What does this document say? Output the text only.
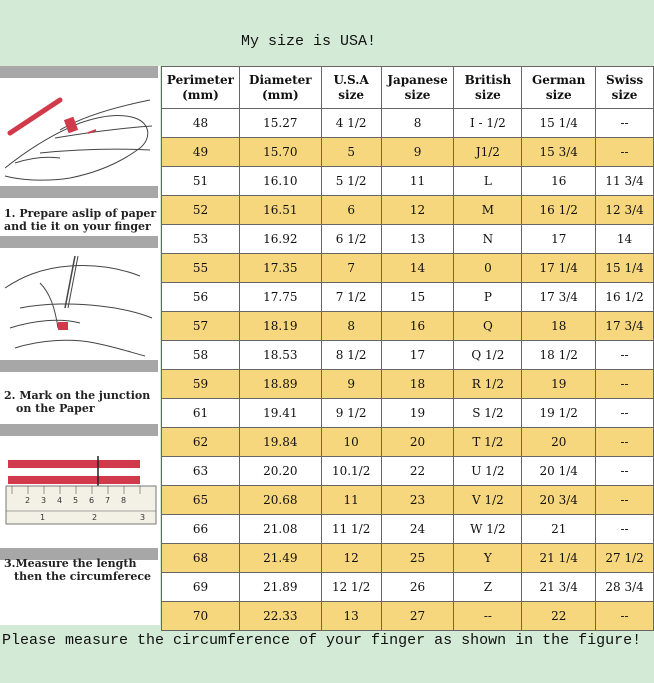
My size is USA!
1. Prepare aslip of paper
and tie it on your finger
2. Mark on the junction
on the Paper
2 3 4 5 6 7 8
1	2	3
3.Measure the length
then the circumferece
Perimeter (mm)	Diameter (mm)	U.S.A size	Japanese size	British size	German size	Swiss size
48	15.27	4 1/2	8	I - 1/2	15 1/4	--
49	15.70	5	9	J1/2	15 3/4	--
51	16.10	5 1/2	11	L	16	11 3/4
52	16.51	6	12	M	16 1/2	12 3/4
53	16.92	6 1/2	13	N	17	14
55	17.35	7	14	0	17 1/4	15 1/4
56	17.75	7 1/2	15	P	17 3/4	16 1/2
57	18.19	8	16	Q	18	17 3/4
58	18.53	8 1/2	17	Q 1/2	18 1/2	--
59	18.89	9	18	R 1/2	19	--
61	19.41	9 1/2	19	S 1/2	19 1/2	--
62	19.84	10	20	T 1/2	20	--
63	20.20	10.1/2	22	U 1/2	20 1/4	--
65	20.68	11	23	V 1/2	20 3/4	--
66	21.08	11 1/2	24	W 1/2	21	--
68	21.49	12	25	Y	21 1/4	27 1/2
69	21.89	12 1/2	26	Z	21 3/4	28 3/4
70	22.33	13	27	--	22	--
Please measure the circumference of your finger as shown in the figure!
